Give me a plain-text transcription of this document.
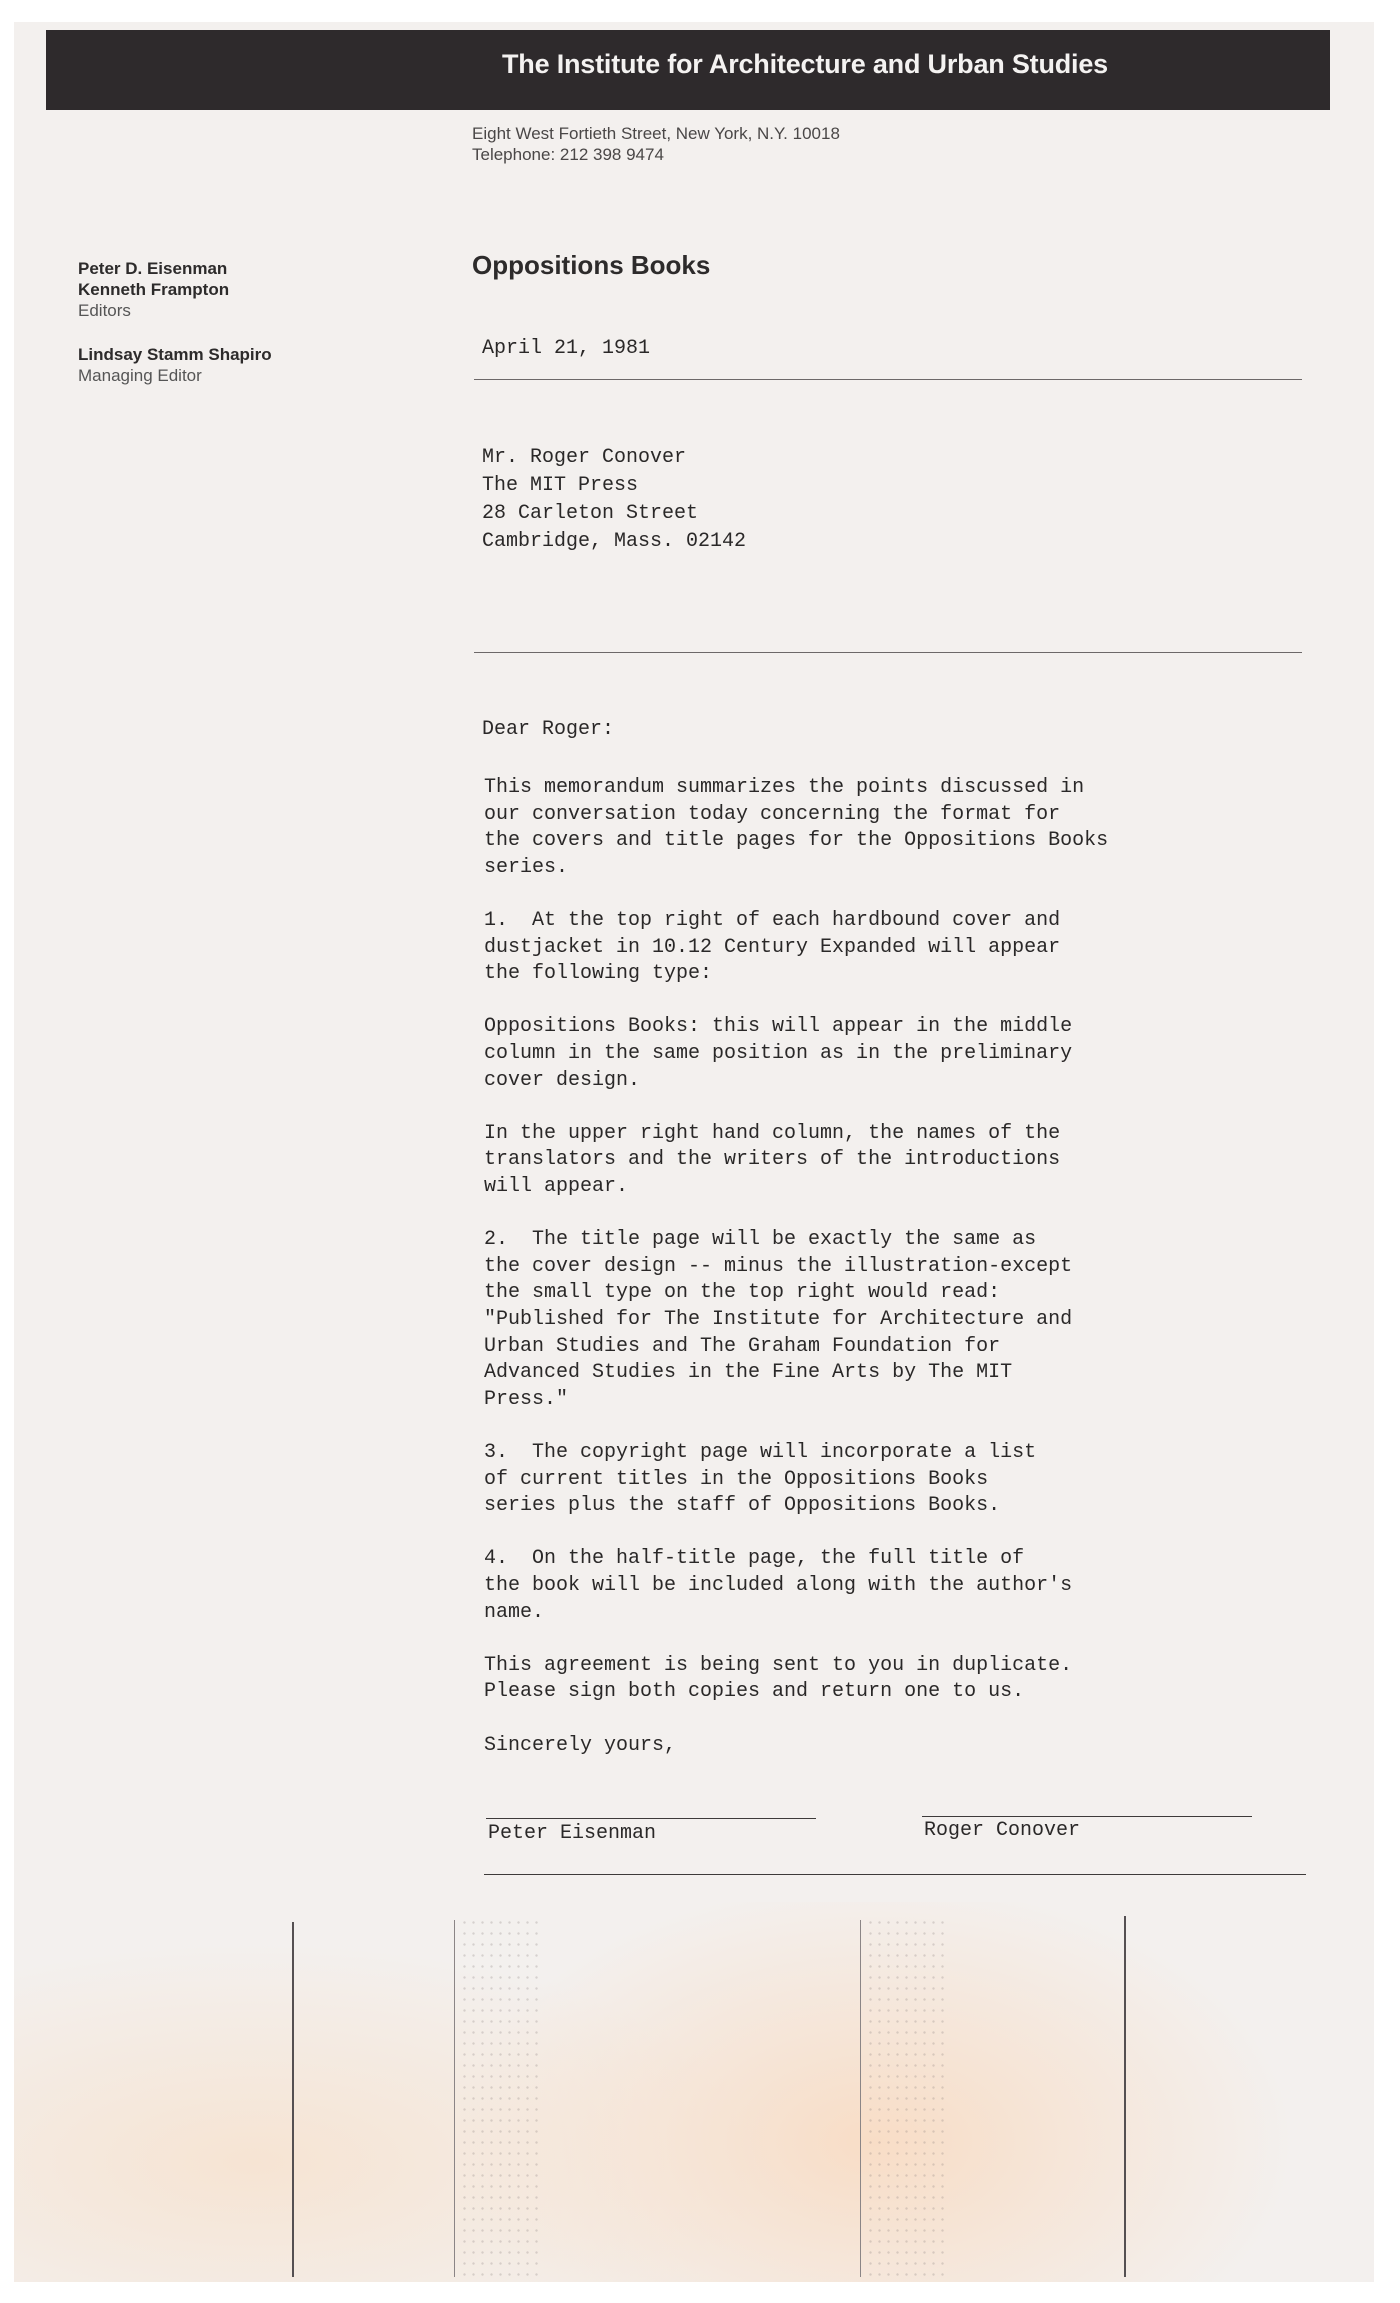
The Institute for Architecture and Urban Studies
Eight West Fortieth Street, New York, N.Y. 10018
Telephone: 212 398 9474
Peter D. Eisenman
Kenneth Frampton
Editors
Lindsay Stamm Shapiro
Managing Editor
Oppositions Books
April 21, 1981
Mr. Roger Conover
The MIT Press
28 Carleton Street
Cambridge, Mass. 02142
Dear Roger:
This memorandum summarizes the points discussed in
our conversation today concerning the format for
the covers and title pages for the Oppositions Books
series.
1.  At the top right of each hardbound cover and
dustjacket in 10.12 Century Expanded will appear
the following type:
Oppositions Books: this will appear in the middle
column in the same position as in the preliminary
cover design.
In the upper right hand column, the names of the
translators and the writers of the introductions
will appear.
2.  The title page will be exactly the same as
the cover design -- minus the illustration-except
the small type on the top right would read:
"Published for The Institute for Architecture and
Urban Studies and The Graham Foundation for
Advanced Studies in the Fine Arts by The MIT
Press."
3.  The copyright page will incorporate a list
of current titles in the Oppositions Books
series plus the staff of Oppositions Books.
4.  On the half-title page, the full title of
the book will be included along with the author's
name.
This agreement is being sent to you in duplicate.
Please sign both copies and return one to us.
Sincerely yours,
Peter Eisenman	Roger Conover
